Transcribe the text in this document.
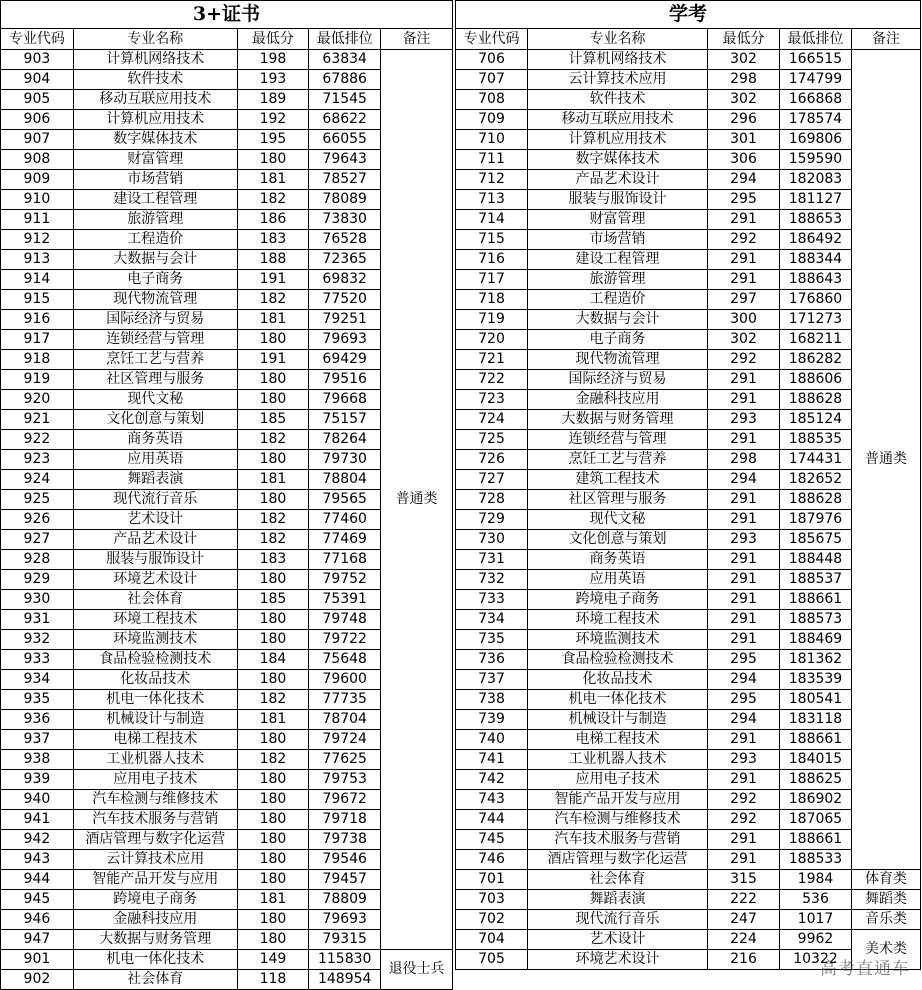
3+证书				
专业代码	专业名称	最低分	最低排位	备注
903	计算机网络技术	198	63834	普通类
904	软件技术	193	67886	
905	移动互联应用技术	189	71545	
906	计算机应用技术	192	68622	
907	数字媒体技术	195	66055	
908	财富管理	180	79643	
909	市场营销	181	78527	
910	建设工程管理	182	78089	
911	旅游管理	186	73830	
912	工程造价	183	76528	
913	大数据与会计	188	72365	
914	电子商务	191	69832	
915	现代物流管理	182	77520	
916	国际经济与贸易	181	79251	
917	连锁经营与管理	180	79693	
918	烹饪工艺与营养	191	69429	
919	社区管理与服务	180	79516	
920	现代文秘	180	79668	
921	文化创意与策划	185	75157	
922	商务英语	182	78264	
923	应用英语	180	79730	
924	舞蹈表演	181	78804	
925	现代流行音乐	180	79565	
926	艺术设计	182	77460	
927	产品艺术设计	182	77469	
928	服装与服饰设计	183	77168	
929	环境艺术设计	180	79752	
930	社会体育	185	75391	
931	环境工程技术	180	79748	
932	环境监测技术	180	79722	
933	食品检验检测技术	184	75648	
934	化妆品技术	180	79600	
935	机电一体化技术	182	77735	
936	机械设计与制造	181	78704	
937	电梯工程技术	180	79724	
938	工业机器人技术	182	77625	
939	应用电子技术	180	79753	
940	汽车检测与维修技术	180	79672	
941	汽车技术服务与营销	180	79718	
942	酒店管理与数字化运营	180	79738	
943	云计算技术应用	180	79546	
944	智能产品开发与应用	180	79457	
945	跨境电子商务	181	78809	
946	金融科技应用	180	79693	
947	大数据与财务管理	180	79315	
901	机电一体化技术	149	115830	退役士兵
902	社会体育	118	148954	
学考				
专业代码	专业名称	最低分	最低排位	备注
706	计算机网络技术	302	166515	普通类
707	云计算技术应用	298	174799	
708	软件技术	302	166868	
709	移动互联应用技术	296	178574	
710	计算机应用技术	301	169806	
711	数字媒体技术	306	159590	
712	产品艺术设计	294	182083	
713	服装与服饰设计	295	181127	
714	财富管理	291	188653	
715	市场营销	292	186492	
716	建设工程管理	291	188344	
717	旅游管理	291	188643	
718	工程造价	297	176860	
719	大数据与会计	300	171273	
720	电子商务	302	168211	
721	现代物流管理	292	186282	
722	国际经济与贸易	291	188606	
723	金融科技应用	291	188628	
724	大数据与财务管理	293	185124	
725	连锁经营与管理	291	188535	
726	烹饪工艺与营养	298	174431	
727	建筑工程技术	294	182652	
728	社区管理与服务	291	188628	
729	现代文秘	291	187976	
730	文化创意与策划	293	185675	
731	商务英语	291	188448	
732	应用英语	291	188537	
733	跨境电子商务	291	188661	
734	环境工程技术	291	188573	
735	环境监测技术	291	188469	
736	食品检验检测技术	295	181362	
737	化妆品技术	294	183539	
738	机电一体化技术	295	180541	
739	机械设计与制造	294	183118	
740	电梯工程技术	291	188661	
741	工业机器人技术	293	184015	
742	应用电子技术	291	188625	
743	智能产品开发与应用	292	186902	
744	汽车检测与维修技术	292	187065	
745	汽车技术服务与营销	291	188661	
746	酒店管理与数字化运营	291	188533	
701	社会体育	315	1984	体育类
703	舞蹈表演	222	536	舞蹈类
702	现代流行音乐	247	1017	音乐类
704	艺术设计	224	9962	美术类
705	环境艺术设计	216	10322	
高考直通车
